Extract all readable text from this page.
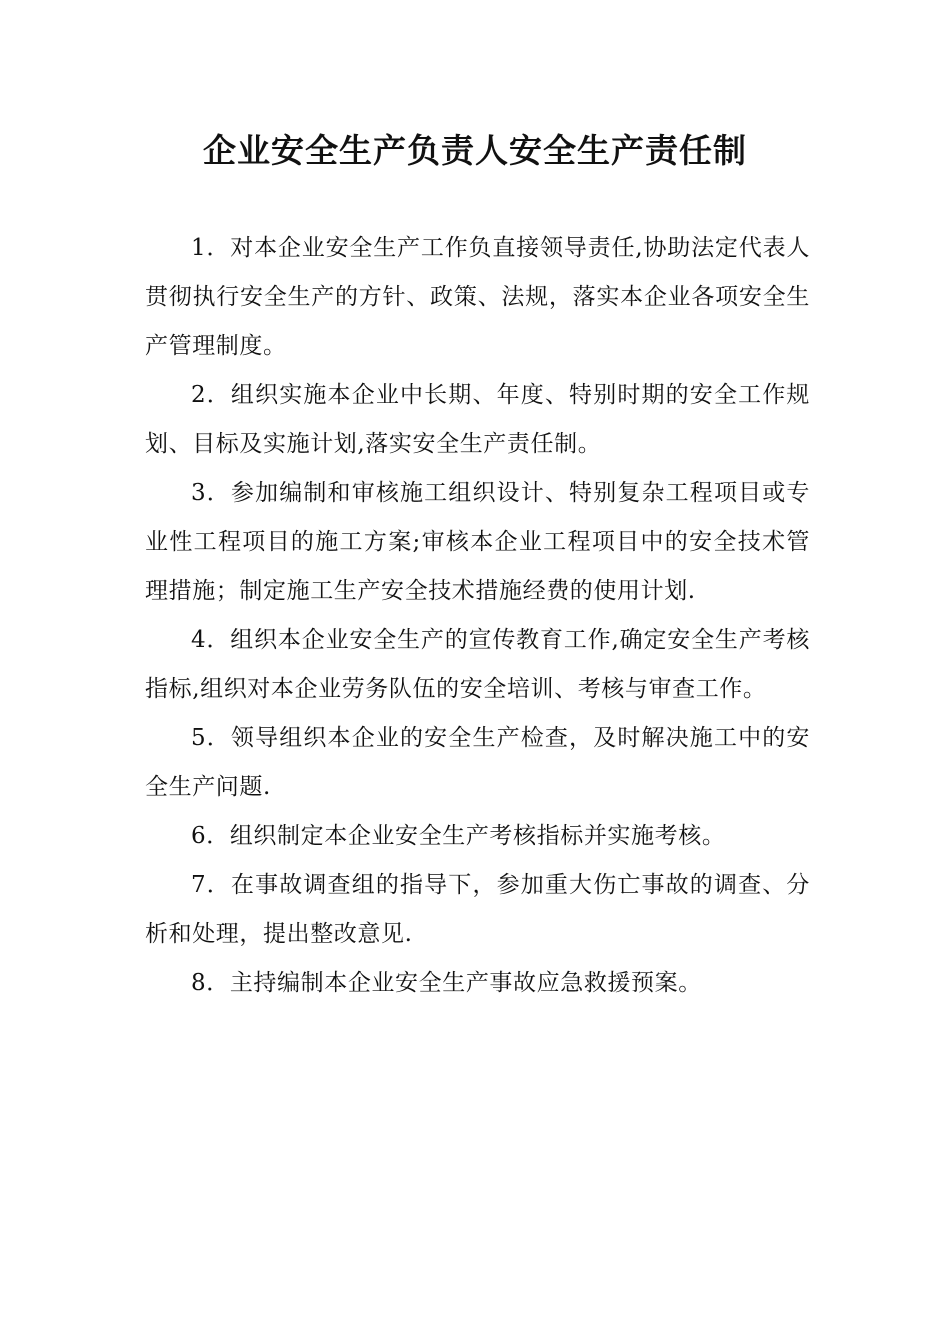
企业安全生产负责人安全生产责任制

1．对本企业安全生产工作负直接领导责任,协助法定代表人贯彻执行安全生产的方针、政策、法规，落实本企业各项安全生产管理制度。

2．组织实施本企业中长期、年度、特别时期的安全工作规划、目标及实施计划,落实安全生产责任制。

3．参加编制和审核施工组织设计、特别复杂工程项目或专业性工程项目的施工方案;审核本企业工程项目中的安全技术管理措施；制定施工生产安全技术措施经费的使用计划.

4．组织本企业安全生产的宣传教育工作,确定安全生产考核指标,组织对本企业劳务队伍的安全培训、考核与审查工作。

5．领导组织本企业的安全生产检查，及时解决施工中的安全生产问题.

6．组织制定本企业安全生产考核指标并实施考核。

7．在事故调查组的指导下，参加重大伤亡事故的调查、分析和处理，提出整改意见.

8．主持编制本企业安全生产事故应急救援预案。
